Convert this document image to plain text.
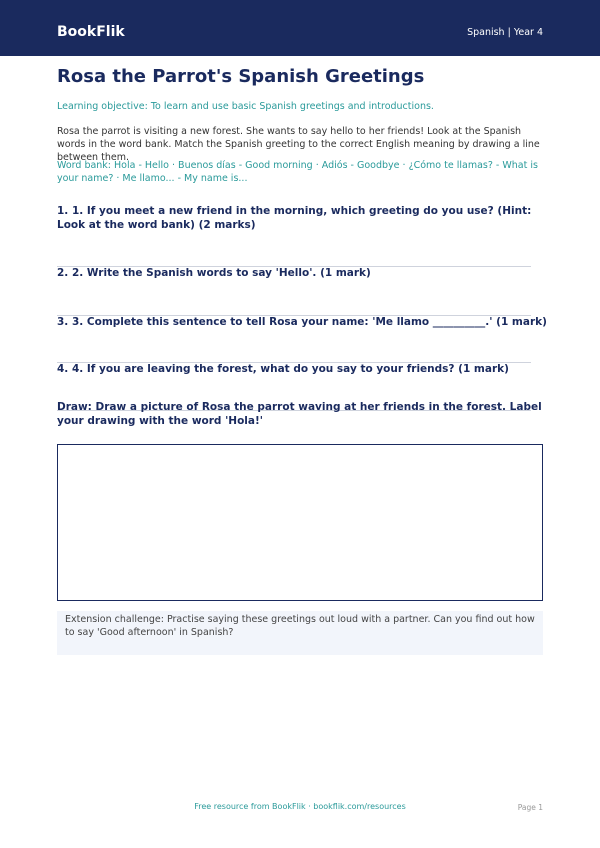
BookFlik	Spanish | Year 4
Rosa the Parrot's Spanish Greetings
Learning objective: To learn and use basic Spanish greetings and introductions.
Rosa the parrot is visiting a new forest. She wants to say hello to her friends! Look at the Spanish words in the word bank. Match the Spanish greeting to the correct English meaning by drawing a line between them.
Word bank: Hola - Hello · Buenos días - Good morning · Adiós - Goodbye · ¿Cómo te llamas? - What is your name? · Me llamo... - My name is...
1. 1. If you meet a new friend in the morning, which greeting do you use? (Hint: Look at the word bank) (2 marks)
2. 2. Write the Spanish words to say 'Hello'. (1 mark)
3. 3. Complete this sentence to tell Rosa your name: 'Me llamo __________.' (1 mark)
4. 4. If you are leaving the forest, what do you say to your friends? (1 mark)
Draw: Draw a picture of Rosa the parrot waving at her friends in the forest. Label your drawing with the word 'Hola!'
Extension challenge: Practise saying these greetings out loud with a partner. Can you find out how to say 'Good afternoon' in Spanish?
Free resource from BookFlik · bookflik.com/resources	Page 1
